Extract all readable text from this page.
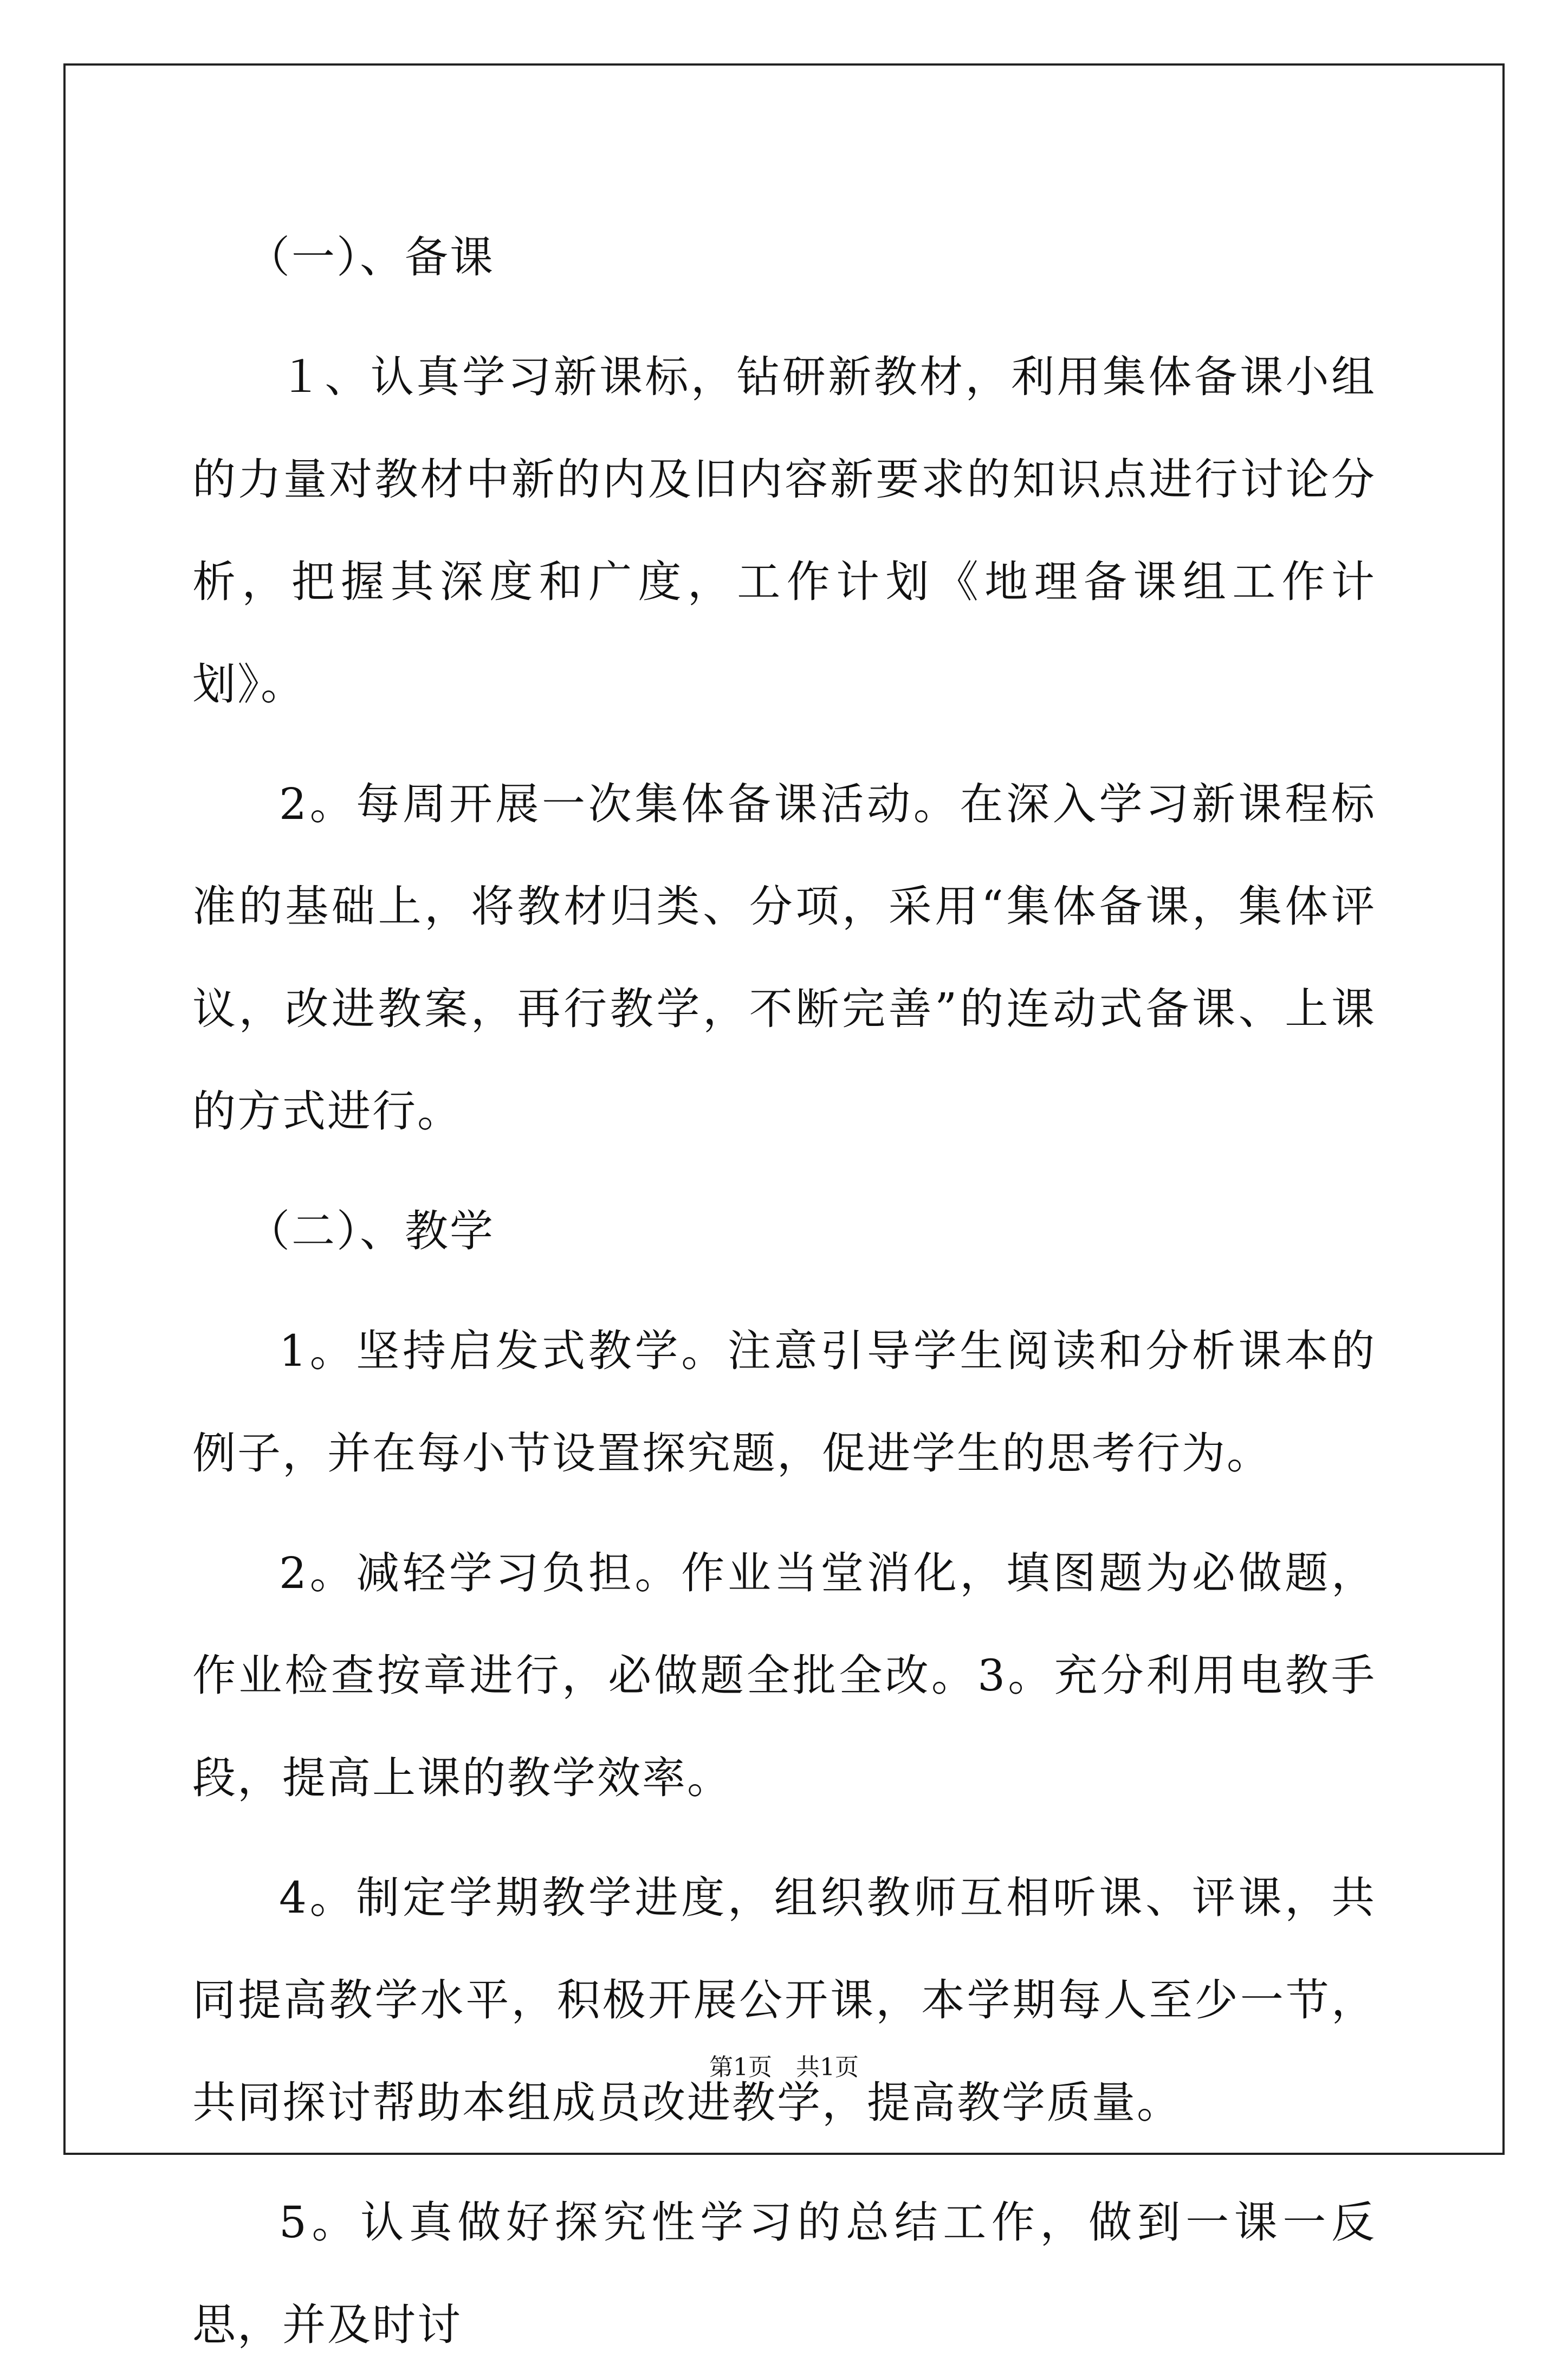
（一）、备课

１、认真学习新课标，钻研新教材，利用集体备课小组的力量对教材中新的内及旧内容新要求的知识点进行讨论分析，把握其深度和广度，工作计划《地理备课组工作计划》。

2。每周开展一次集体备课活动。在深入学习新课程标准的基础上，将教材归类、分项，采用“集体备课，集体评议，改进教案，再行教学，不断完善”的连动式备课、上课的方式进行。

（二）、教学

1。坚持启发式教学。注意引导学生阅读和分析课本的例子，并在每小节设置探究题，促进学生的思考行为。

2。减轻学习负担。作业当堂消化，填图题为必做题，作业检查按章进行，必做题全批全改。3。充分利用电教手段，提高上课的教学效率。

4。制定学期教学进度，组织教师互相听课、评课，共同提高教学水平，积极开展公开课，本学期每人至少一节，共同探讨帮助本组成员改进教学，提高教学质量。

5。认真做好探究性学习的总结工作，做到一课一反思，并及时讨

第1页　共1页
